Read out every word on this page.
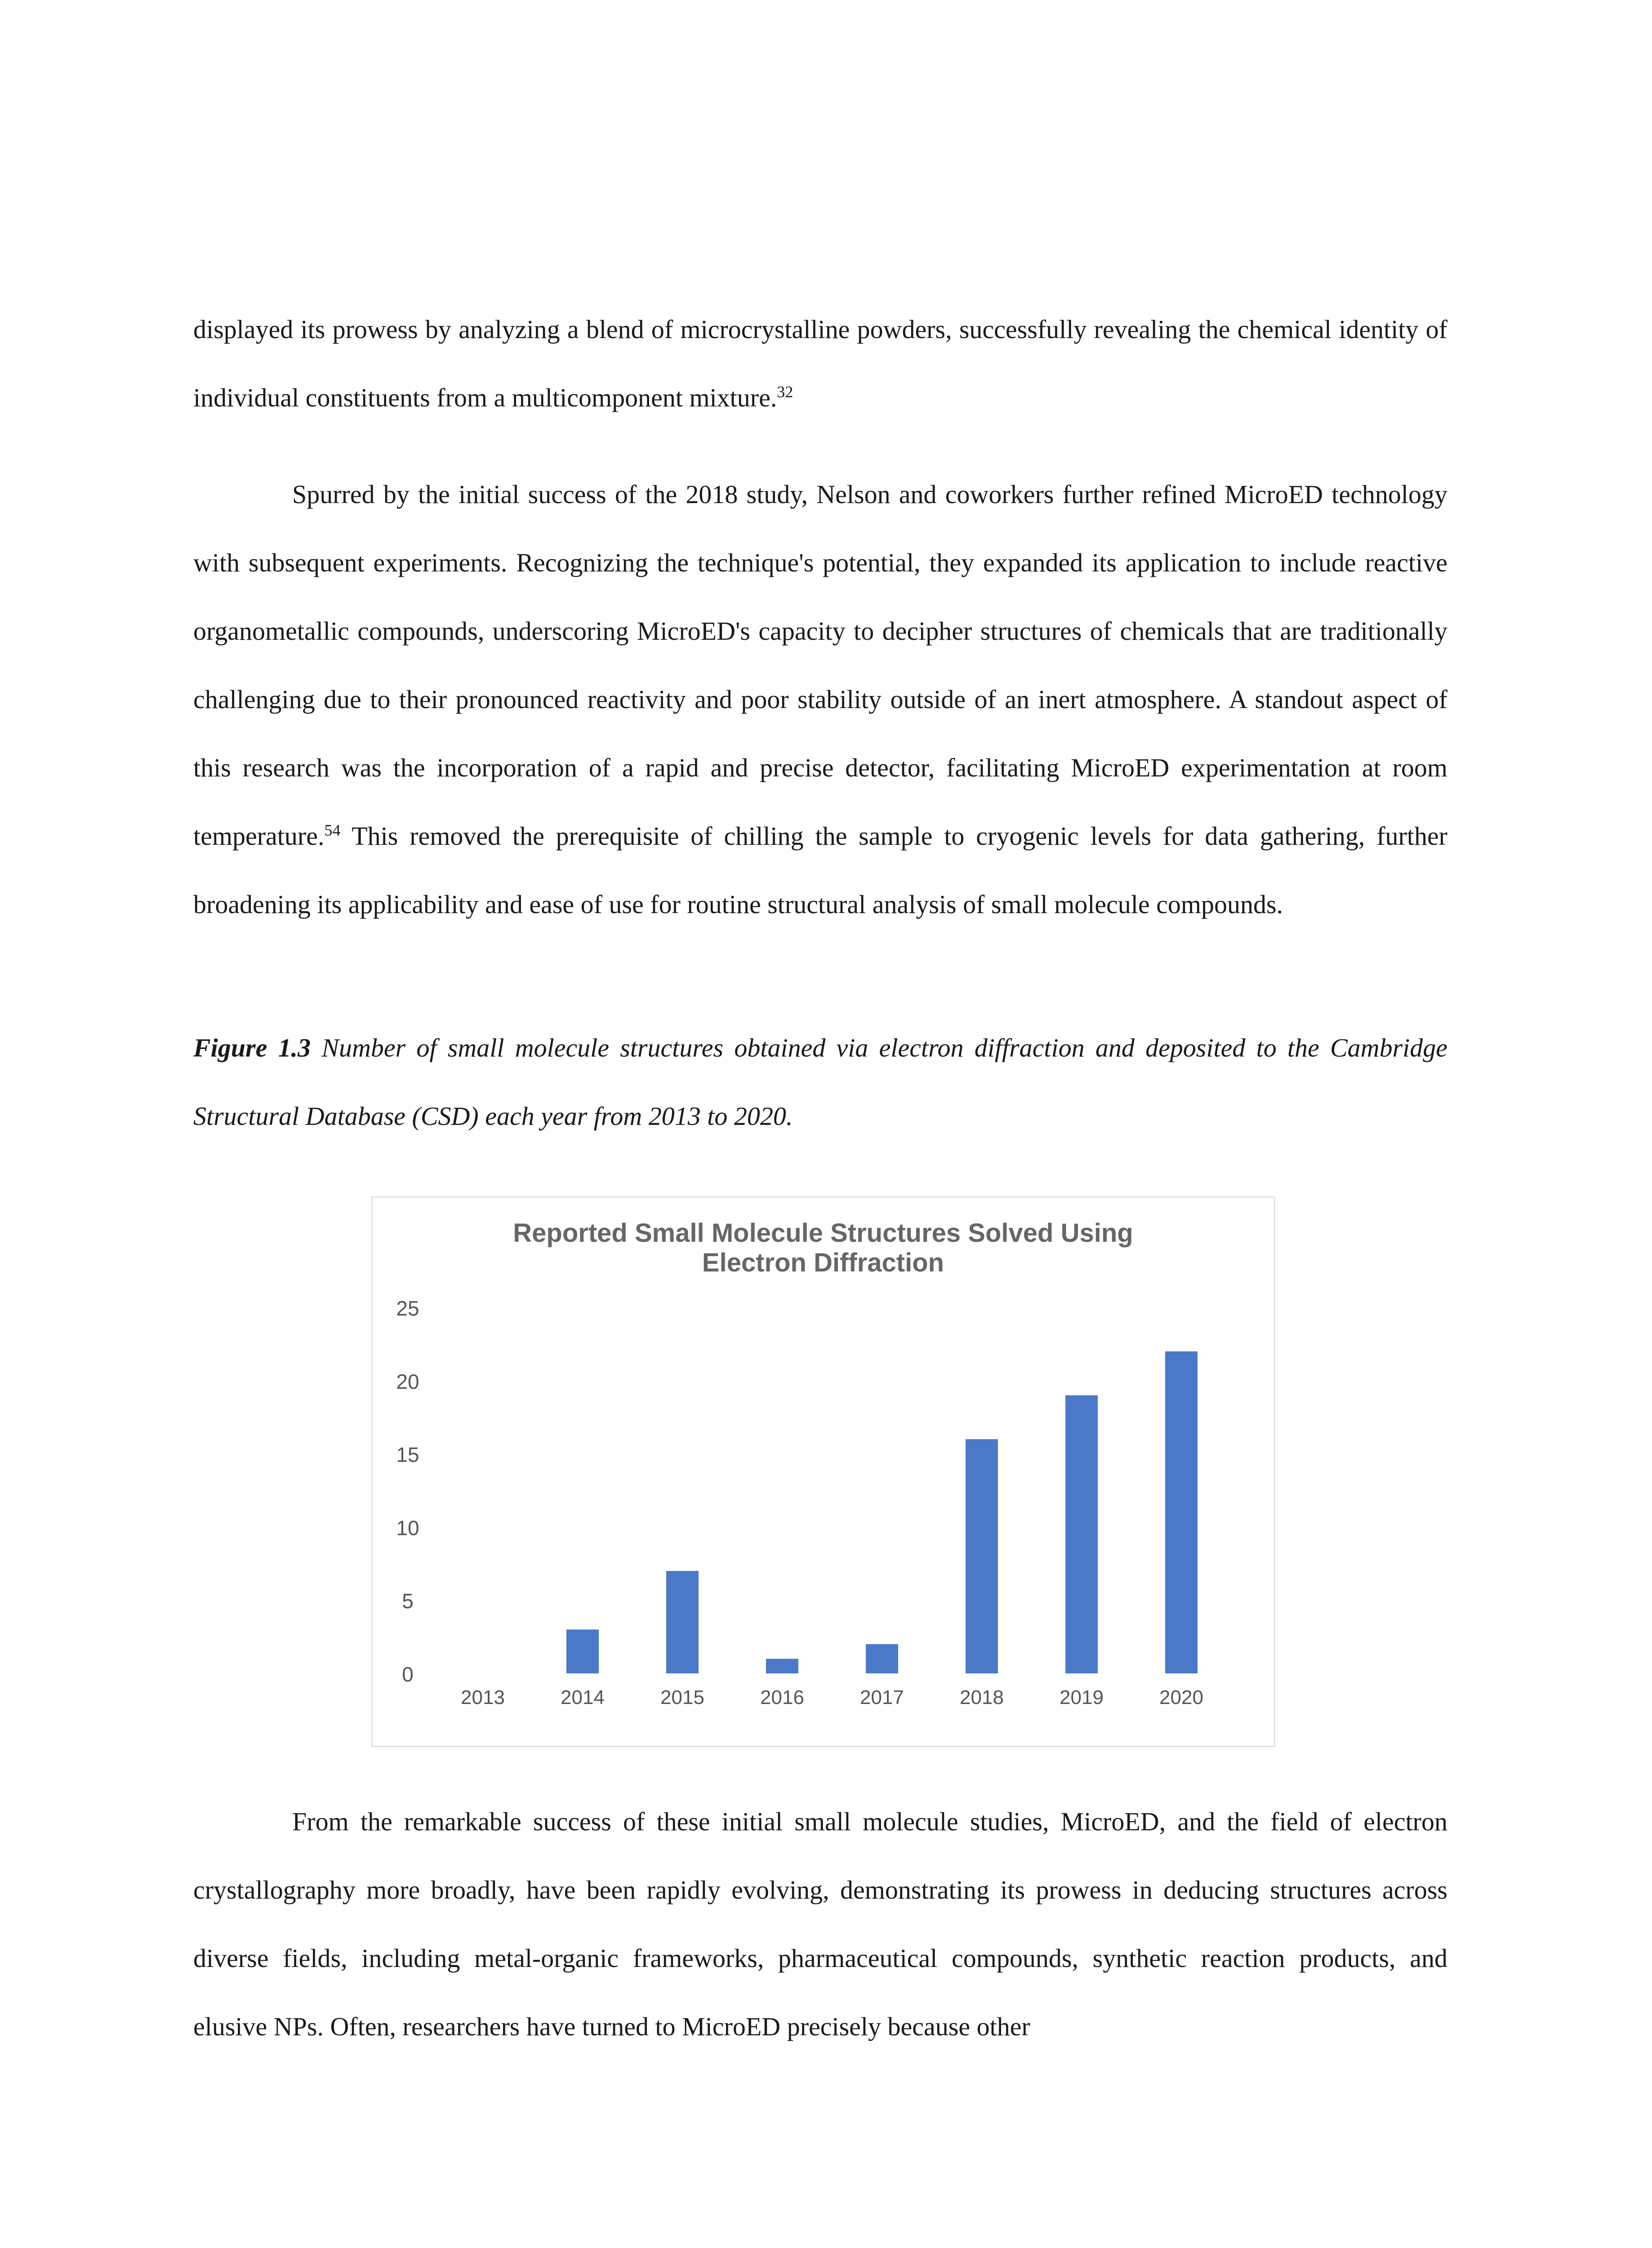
displayed its prowess by analyzing a blend of microcrystalline powders, successfully revealing the chemical identity of individual constituents from a multicomponent mixture.$^{32}$

Spurred by the initial success of the 2018 study, Nelson and coworkers further refined MicroED technology with subsequent experiments. Recognizing the technique's potential, they expanded its application to include reactive organometallic compounds, underscoring MicroED's capacity to decipher structures of chemicals that are traditionally challenging due to their pronounced reactivity and poor stability outside of an inert atmosphere. A standout aspect of this research was the incorporation of a rapid and precise detector, facilitating MicroED experimentation at room temperature.$^{54}$ This removed the prerequisite of chilling the sample to cryogenic levels for data gathering, further broadening its applicability and ease of use for routine structural analysis of small molecule compounds.

Figure 1.3 Number of small molecule structures obtained via electron diffraction and deposited to the Cambridge Structural Database (CSD) each year from 2013 to 2020.

Reported Small Molecule Structures Solved Using
Electron Diffraction
0
5
10
15
20
25
2013	2014	2015	2016	2017	2018	2019	2020

From the remarkable success of these initial small molecule studies, MicroED, and the field of electron crystallography more broadly, have been rapidly evolving, demonstrating its prowess in deducing structures across diverse fields, including metal-organic frameworks, pharmaceutical compounds, synthetic reaction products, and elusive NPs. Often, researchers have turned to MicroED precisely because other
